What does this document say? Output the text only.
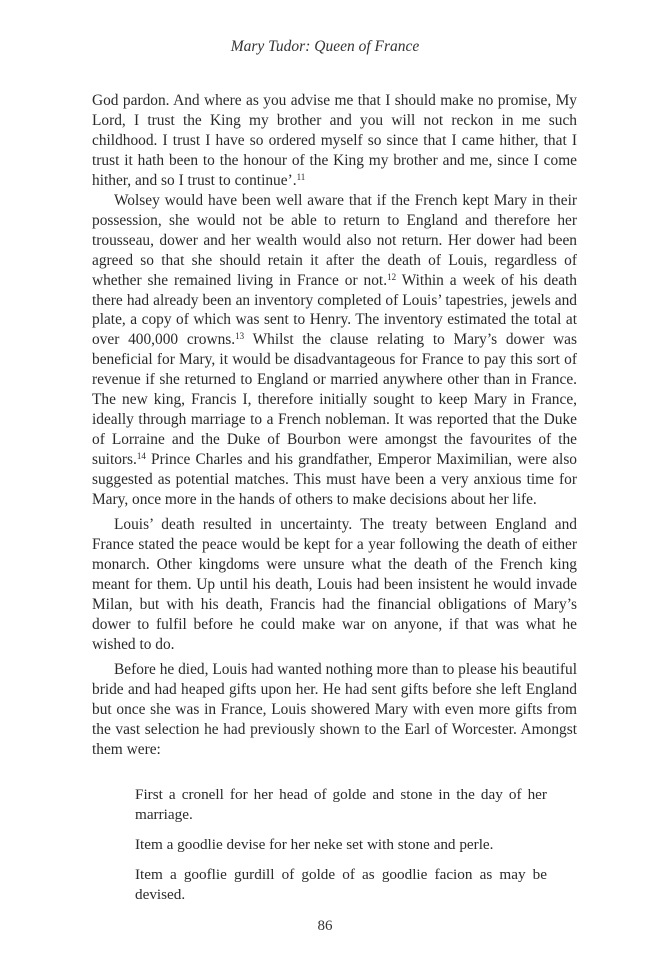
Mary Tudor: Queen of France

God pardon. And where as you advise me that I should make no promise, My Lord, I trust the King my brother and you will not reckon in me such childhood. I trust I have so ordered myself so since that I came hither, that I trust it hath been to the honour of the King my brother and me, since I come hither, and so I trust to continue’.$^{11}$

Wolsey would have been well aware that if the French kept Mary in their possession, she would not be able to return to England and therefore her trousseau, dower and her wealth would also not return. Her dower had been agreed so that she should retain it after the death of Louis, regardless of whether she remained living in France or not.$^{12}$ Within a week of his death there had already been an inventory completed of Louis’ tapestries, jewels and plate, a copy of which was sent to Henry. The inventory estimated the total at over 400,000 crowns.$^{13}$ Whilst the clause relating to Mary’s dower was beneficial for Mary, it would be disadvantageous for France to pay this sort of revenue if she returned to England or married anywhere other than in France. The new king, Francis I, therefore initially sought to keep Mary in France, ideally through marriage to a French nobleman. It was reported that the Duke of Lorraine and the Duke of Bourbon were amongst the favourites of the suitors.$^{14}$ Prince Charles and his grandfather, Emperor Maximilian, were also suggested as potential matches. This must have been a very anxious time for Mary, once more in the hands of others to make decisions about her life.

Louis’ death resulted in uncertainty. The treaty between England and France stated the peace would be kept for a year following the death of either monarch. Other kingdoms were unsure what the death of the French king meant for them. Up until his death, Louis had been insistent he would invade Milan, but with his death, Francis had the financial obligations of Mary’s dower to fulfil before he could make war on anyone, if that was what he wished to do.

Before he died, Louis had wanted nothing more than to please his beautiful bride and had heaped gifts upon her. He had sent gifts before she left England but once she was in France, Louis showered Mary with even more gifts from the vast selection he had previously shown to the Earl of Worcester. Amongst them were:

First a cronell for her head of golde and stone in the day of her marriage.

Item a goodlie devise for her neke set with stone and perle.

Item a gooflie gurdill of golde of as goodlie facion as may be devised.

86
